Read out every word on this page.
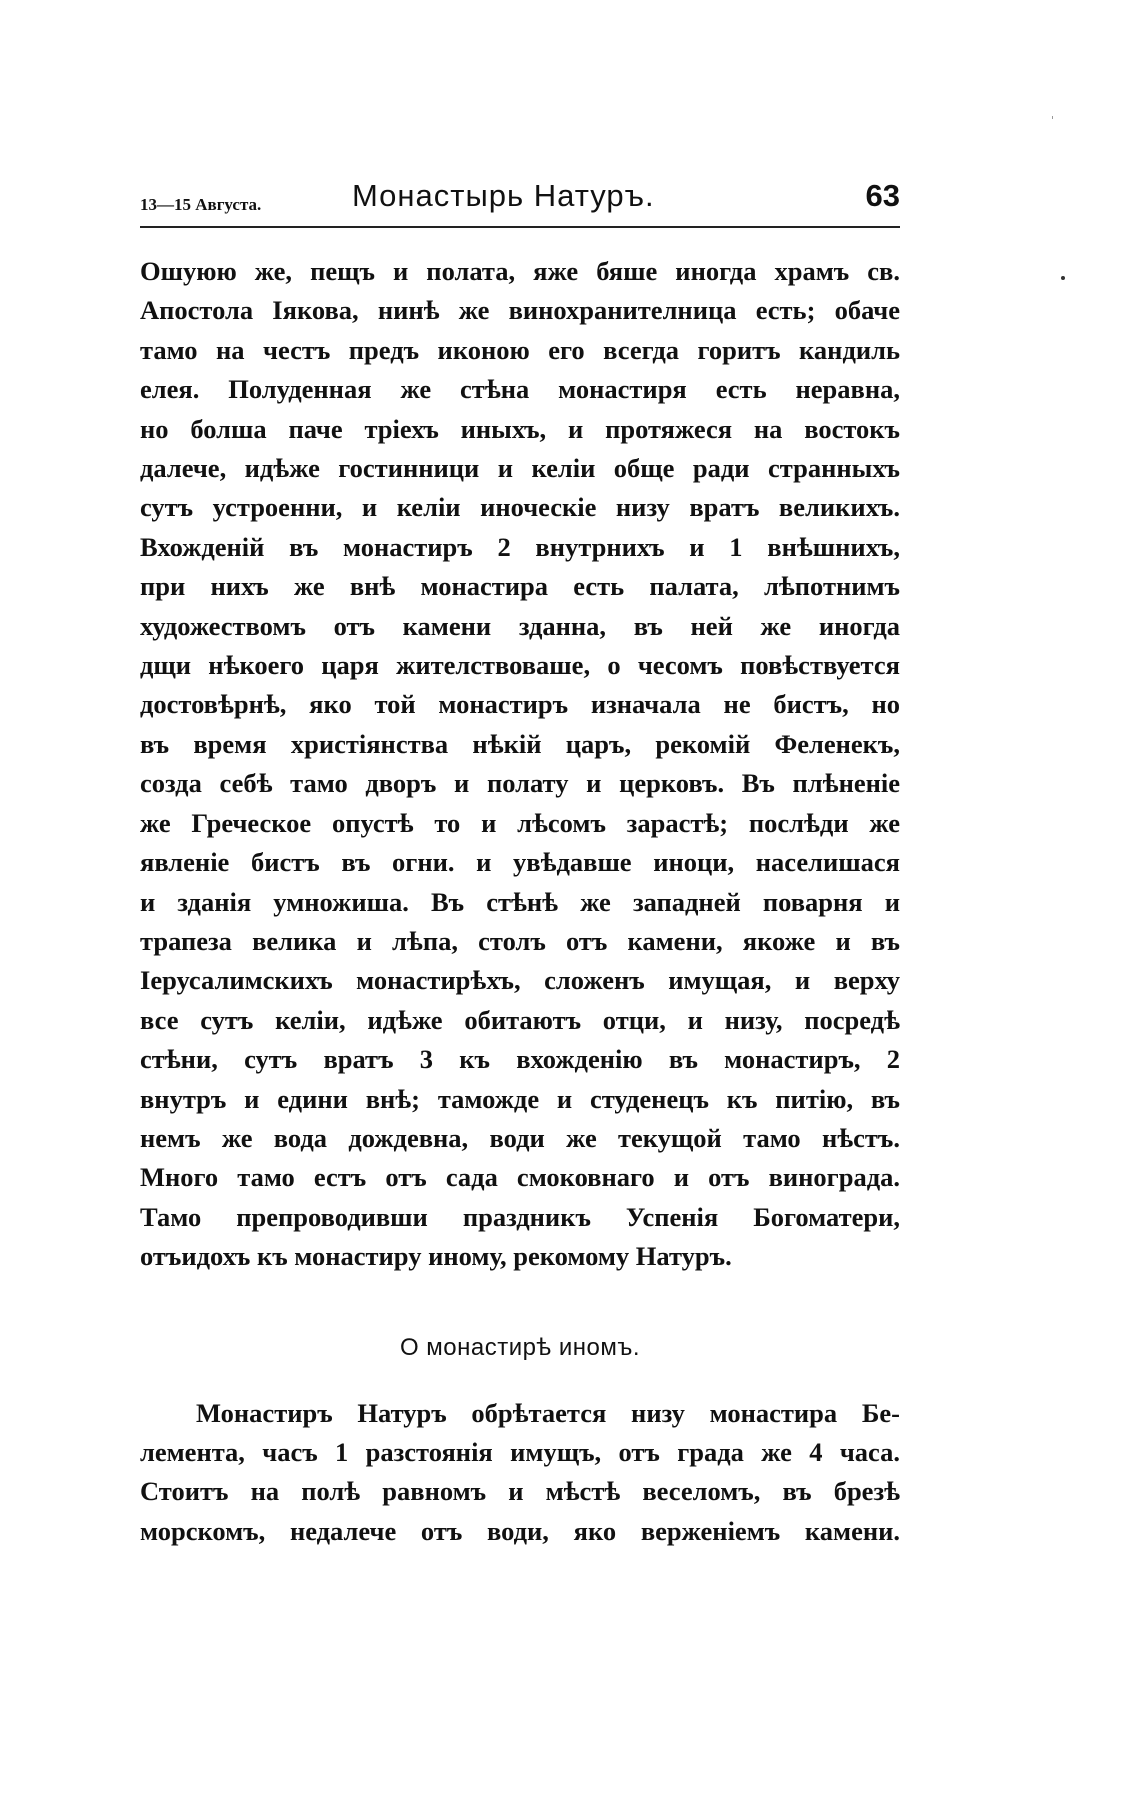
13—15 Августа.	Монастырь Натуръ.	63
Ошуюю же, пещъ и полата, яже бяше иногда храмъ св.
Апостола Іякова, нинѣ же винохранителница есть; обаче
тамо на честъ предъ иконою его всегда горитъ кандиль
елея. Полуденная же стѣна монастиря есть неравна,
но болша паче тріехъ иныхъ, и протяжеся на востокъ
далече, идѣже гостинници и келіи обще ради странныхъ
сутъ устроенни, и келіи иноческіе низу вратъ великихъ.
Вхожденій въ монастиръ 2 внутрнихъ и 1 внѣшнихъ,
при нихъ же внѣ монастира есть палата, лѣпотнимъ
художествомъ отъ камени зданна, въ ней же иногда
дщи нѣкоего царя жителствоваше, о чесомъ повѣствуется
достовѣрнѣ, яко той монастиръ изначала не бистъ, но
въ время христіянства нѣкій царъ, рекомій Феленекъ,
созда себѣ тамо дворъ и полату и церковъ. Въ плѣненіе
же Греческое опустѣ то и лѣсомъ зарастѣ; послѣди же
явленіе бистъ въ огни. и увѣдавше иноци, населишася
и зданія умножиша. Въ стѣнѣ же западней поварня и
трапеза велика и лѣпа, столъ отъ камени, якоже и въ
Іерусалимскихъ монастирѣхъ, сложенъ имущая, и верху
все сутъ келіи, идѣже обитаютъ отци, и низу, посредѣ
стѣни, сутъ вратъ 3 къ вхожденію въ монастиръ, 2
внутръ и едини внѣ; тамождe и студенецъ къ питію, въ
немъ же вода дождевна, води же текущой тамо нѣстъ.
Много тамо естъ отъ сада смоковнаго и отъ винограда.
Тамо препроводивши праздникъ Успенія Богоматери,
отъидохъ къ монастиру иному, рекомому Натуръ.
О монастирѣ иномъ.
Монастиръ Натуръ обрѣтается низу монастира Бе-
лемента, часъ 1 разстоянія имущъ, отъ града же 4 часа.
Стоитъ на полѣ равномъ и мѣстѣ веселомъ, въ брезѣ
морскомъ, недалече отъ води, яко верженіемъ камени.
